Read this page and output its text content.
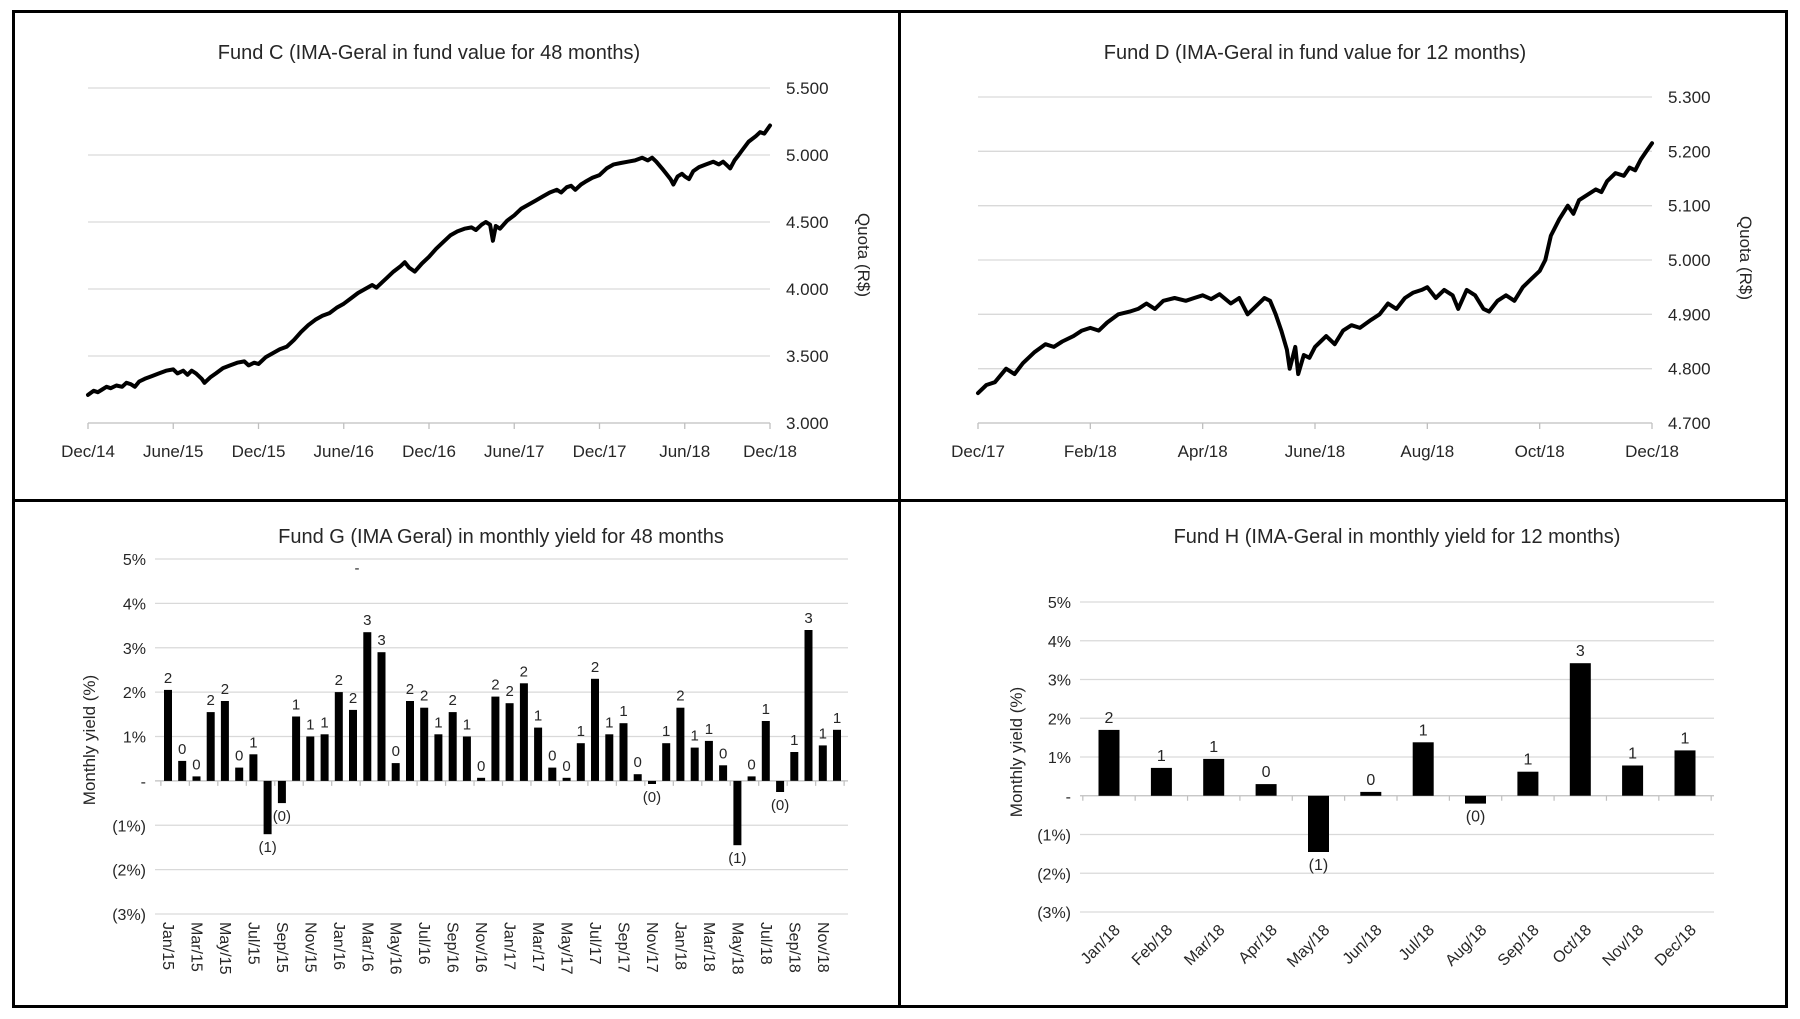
Fund C (IMA-Geral in fund value for 48 months)
5.500
5.000
4.500
4.000
3.500
3.000
Dec/14 June/15 Dec/15 June/16 Dec/16 June/17 Dec/17 Jun/18 Dec/18
Quota (R$)
Fund D (IMA-Geral in fund value for 12 months)
5.300
5.200
5.100
5.000
4.900
4.800
4.700
Dec/17	Feb/18	Apr/18	June/18	Aug/18	Oct/18	Dec/18
Quota (R$)
Fund G (IMA Geral) in monthly yield for 48 months
5%
4%
3%
2%
1%
-
(1%)
(2%)
(3%)
2
0
0
2
2
0
1
(1)
(0)
1
1 1
2
2
3
3
0
2 2
1
2
1
0
2 2
2
1
0
0
1
2
1
1
0
(0)
1
2
1 1
0
(1)
0
1
(0)
1
3
1
1
Jan/15 Mar/15 May/15 Jul/15 Sep/15 Nov/15 Jan/16 Mar/16 May/16 Jul/16 Sep/16 Nov/16 Jan/17 Mar/17 May/17 Jul/17 Sep/17 Nov/17 Jan/18 Mar/18 May/18 Jul/18 Sep/18 Nov/18
Monthly yield (%)
-
Fund H (IMA-Geral in monthly yield for 12 months)
5%
4%
3%
2%
1%
-
(1%)
(2%)
(3%)
2
1
1
0
(1)
0
1
(0)
1
3
1
1
Jan/18 Feb/18 Mar/18 Apr/18 May/18 Jun/18 Jul/18 Aug/18 Sep/18 Oct/18 Nov/18 Dec/18
Monthly yield (%)
